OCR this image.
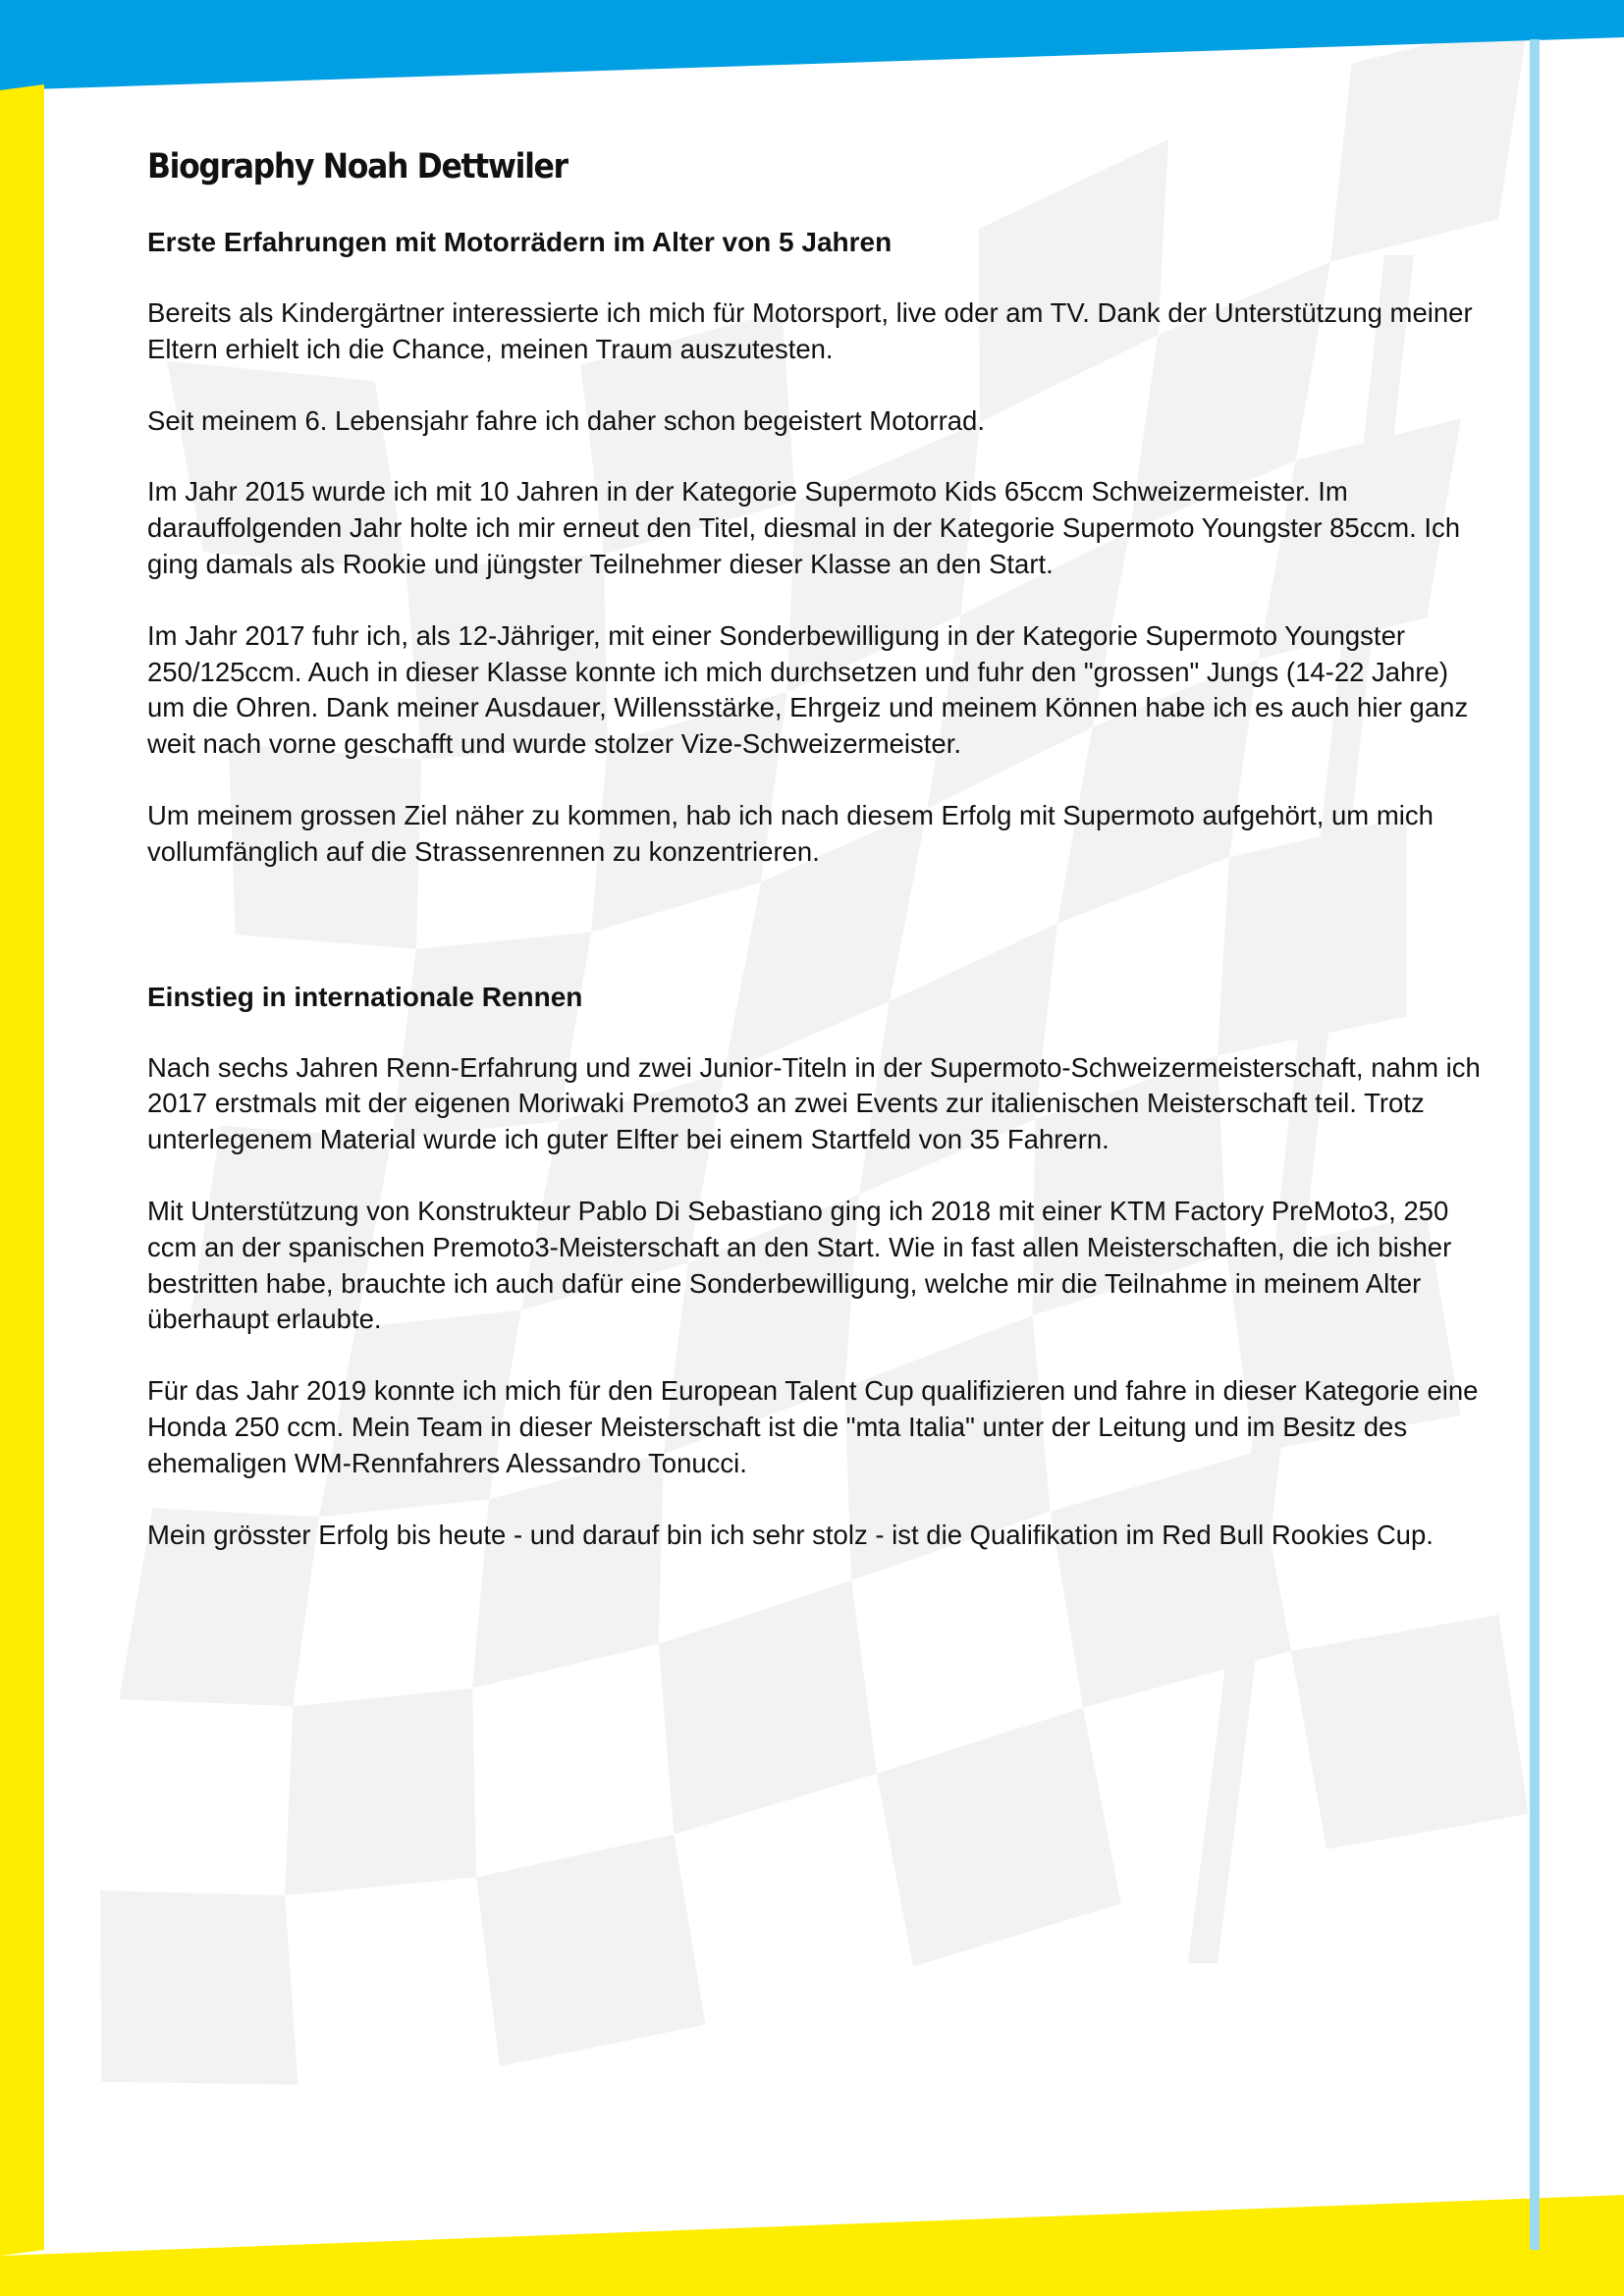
Biography Noah Dettwiler
Erste Erfahrungen mit Motorrädern im Alter von 5 Jahren

Bereits als Kindergärtner interessierte ich mich für Motorsport, live oder am TV. Dank der Unterstützung meiner Eltern erhielt ich die Chance, meinen Traum auszutesten.

Seit meinem 6. Lebensjahr fahre ich daher schon begeistert Motorrad.

Im Jahr 2015 wurde ich mit 10 Jahren in der Kategorie Supermoto Kids 65ccm Schweizermeister. Im darauffolgenden Jahr holte ich mir erneut den Titel, diesmal in der Kategorie Supermoto Youngster 85ccm. Ich ging damals als Rookie und jüngster Teilnehmer dieser Klasse an den Start.

Im Jahr 2017 fuhr ich, als 12-Jähriger, mit einer Sonderbewilligung in der Kategorie Supermoto Youngster 250/125ccm. Auch in dieser Klasse konnte ich mich durchsetzen und fuhr den "grossen" Jungs (14-22 Jahre) um die Ohren. Dank meiner Ausdauer, Willensstärke, Ehrgeiz und meinem Können habe ich es auch hier ganz weit nach vorne geschafft und wurde stolzer Vize-Schweizermeister.

Um meinem grossen Ziel näher zu kommen, hab ich nach diesem Erfolg mit Supermoto aufgehört, um mich vollumfänglich auf die Strassenrennen zu konzentrieren.

Einstieg in internationale Rennen

Nach sechs Jahren Renn-Erfahrung und zwei Junior-Titeln in der Supermoto-Schweizermeisterschaft, nahm ich 2017 erstmals mit der eigenen Moriwaki Premoto3 an zwei Events zur italienischen Meisterschaft teil. Trotz unterlegenem Material wurde ich guter Elfter bei einem Startfeld von 35 Fahrern.

Mit Unterstützung von Konstrukteur Pablo Di Sebastiano ging ich 2018 mit einer KTM Factory PreMoto3, 250 ccm an der spanischen Premoto3-Meisterschaft an den Start. Wie in fast allen Meisterschaften, die ich bisher bestritten habe, brauchte ich auch dafür eine Sonderbewilligung, welche mir die Teilnahme in meinem Alter überhaupt erlaubte.

Für das Jahr 2019 konnte ich mich für den European Talent Cup qualifizieren und fahre in dieser Kategorie eine Honda 250 ccm. Mein Team in dieser Meisterschaft ist die "mta Italia" unter der Leitung und im Besitz des ehemaligen WM-Rennfahrers Alessandro Tonucci.

Mein grösster Erfolg bis heute - und darauf bin ich sehr stolz - ist die Qualifikation im Red Bull Rookies Cup.
